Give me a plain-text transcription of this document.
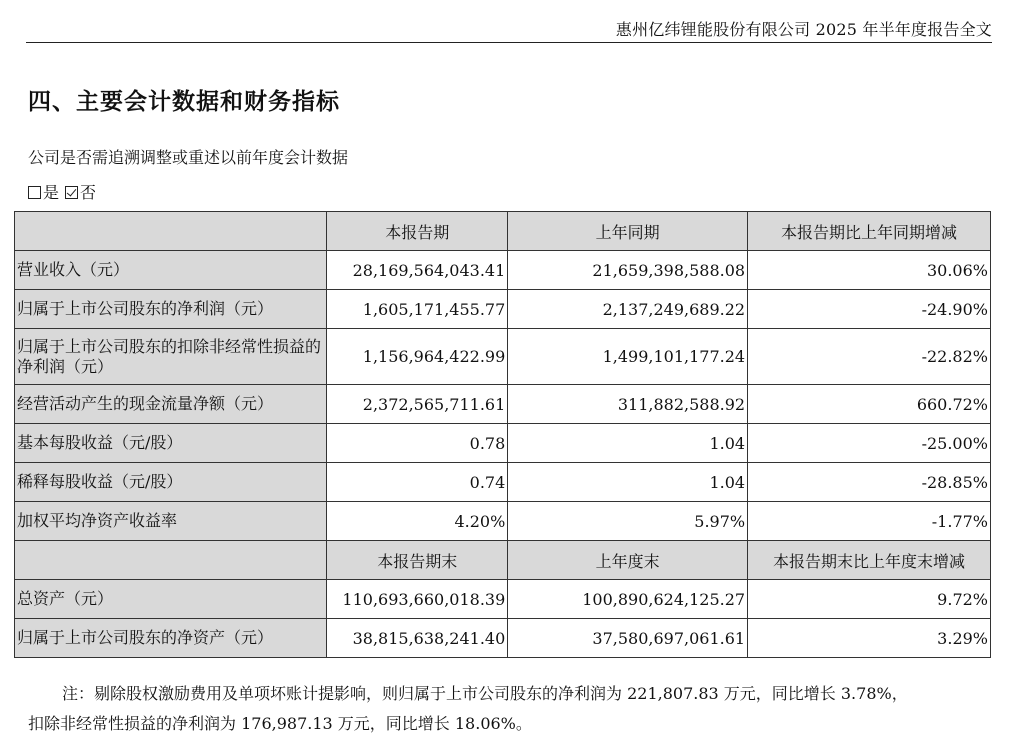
惠州亿纬锂能股份有限公司 2025 年半年度报告全文
四、主要会计数据和财务指标
公司是否需追溯调整或重述以前年度会计数据
是 否
	本报告期	上年同期	本报告期比上年同期增减
营业收入（元）	28,169,564,043.41	21,659,398,588.08	30.06%
归属于上市公司股东的净利润（元）	1,605,171,455.77	2,137,249,689.22	-24.90%
归属于上市公司股东的扣除非经常性损益的净利润（元）	1,156,964,422.99	1,499,101,177.24	-22.82%
经营活动产生的现金流量净额（元）	2,372,565,711.61	311,882,588.92	660.72%
基本每股收益（元/股）	0.78	1.04	-25.00%
稀释每股收益（元/股）	0.74	1.04	-28.85%
加权平均净资产收益率	4.20%	5.97%	-1.77%
	本报告期末	上年度末	本报告期末比上年度末增减
总资产（元）	110,693,660,018.39	100,890,624,125.27	9.72%
归属于上市公司股东的净资产（元）	38,815,638,241.40	37,580,697,061.61	3.29%
注：剔除股权激励费用及单项坏账计提影响，则归属于上市公司股东的净利润为 221,807.83 万元，同比增长 3.78%，
扣除非经常性损益的净利润为 176,987.13 万元，同比增长 18.06%。
